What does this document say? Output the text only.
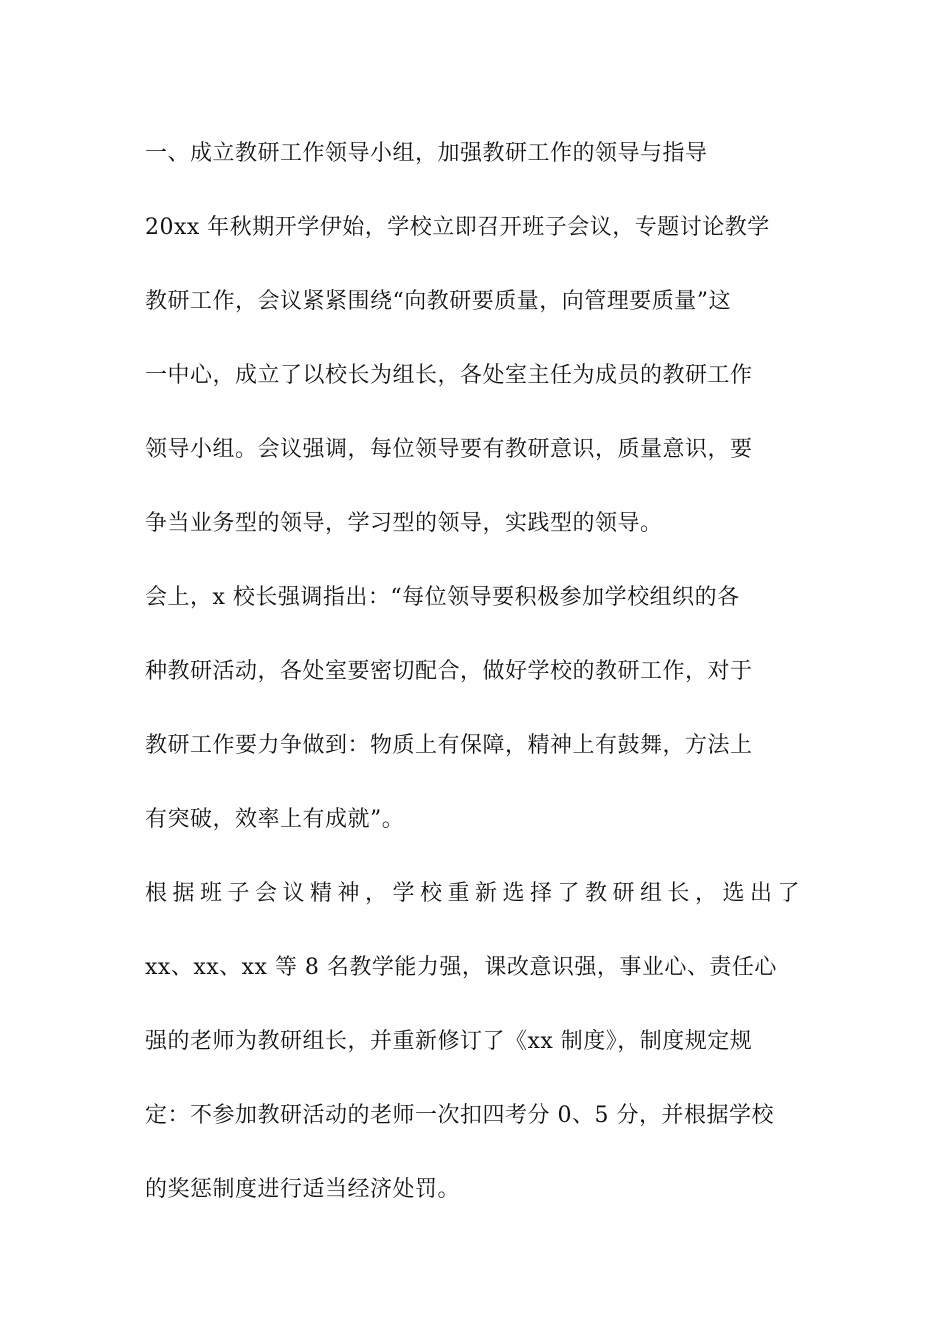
一、成立教研工作领导小组，加强教研工作的领导与指导
20xx 年秋期开学伊始，学校立即召开班子会议，专题讨论教学
教研工作，会议紧紧围绕“向教研要质量，向管理要质量”这
一中心，成立了以校长为组长，各处室主任为成员的教研工作
领导小组。会议强调，每位领导要有教研意识，质量意识，要
争当业务型的领导，学习型的领导，实践型的领导。
会上，x 校长强调指出：“每位领导要积极参加学校组织的各
种教研活动，各处室要密切配合，做好学校的教研工作，对于
教研工作要力争做到：物质上有保障，精神上有鼓舞，方法上
有突破，效率上有成就”。
根据班子会议精神，学校重新选择了教研组长，选出了
xx、xx、xx 等 8 名教学能力强，课改意识强，事业心、责任心
强的老师为教研组长，并重新修订了《xx 制度》，制度规定规
定：不参加教研活动的老师一次扣四考分 0、5 分，并根据学校
的奖惩制度进行适当经济处罚。
